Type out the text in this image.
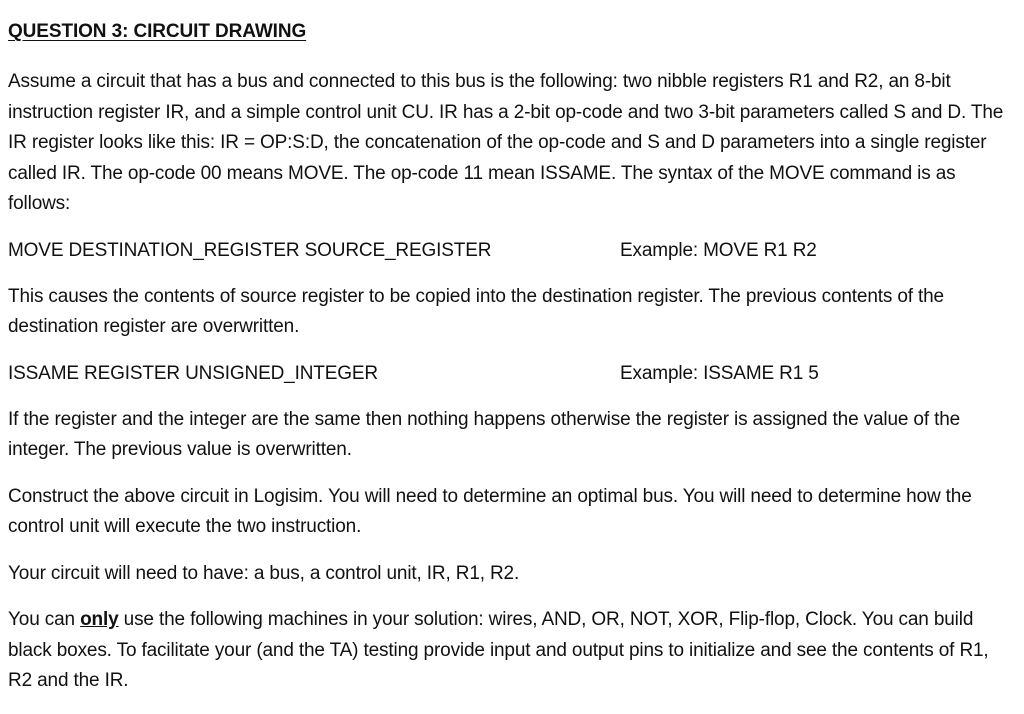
QUESTION 3: CIRCUIT DRAWING

Assume a circuit that has a bus and connected to this bus is the following: two nibble registers R1 and R2, an 8-bit instruction register IR, and a simple control unit CU. IR has a 2-bit op-code and two 3-bit parameters called S and D. The IR register looks like this: IR = OP:S:D, the concatenation of the op-code and S and D parameters into a single register called IR. The op-code 00 means MOVE. The op-code 11 mean ISSAME. The syntax of the MOVE command is as follows:

MOVE DESTINATION_REGISTER SOURCE_REGISTER	Example: MOVE R1 R2

This causes the contents of source register to be copied into the destination register. The previous contents of the destination register are overwritten.

ISSAME REGISTER UNSIGNED_INTEGER	Example: ISSAME R1 5

If the register and the integer are the same then nothing happens otherwise the register is assigned the value of the integer. The previous value is overwritten.

Construct the above circuit in Logisim. You will need to determine an optimal bus. You will need to determine how the control unit will execute the two instruction.

Your circuit will need to have: a bus, a control unit, IR, R1, R2.

You can only use the following machines in your solution: wires, AND, OR, NOT, XOR, Flip-flop, Clock. You can build black boxes. To facilitate your (and the TA) testing provide input and output pins to initialize and see the contents of R1, R2 and the IR.
